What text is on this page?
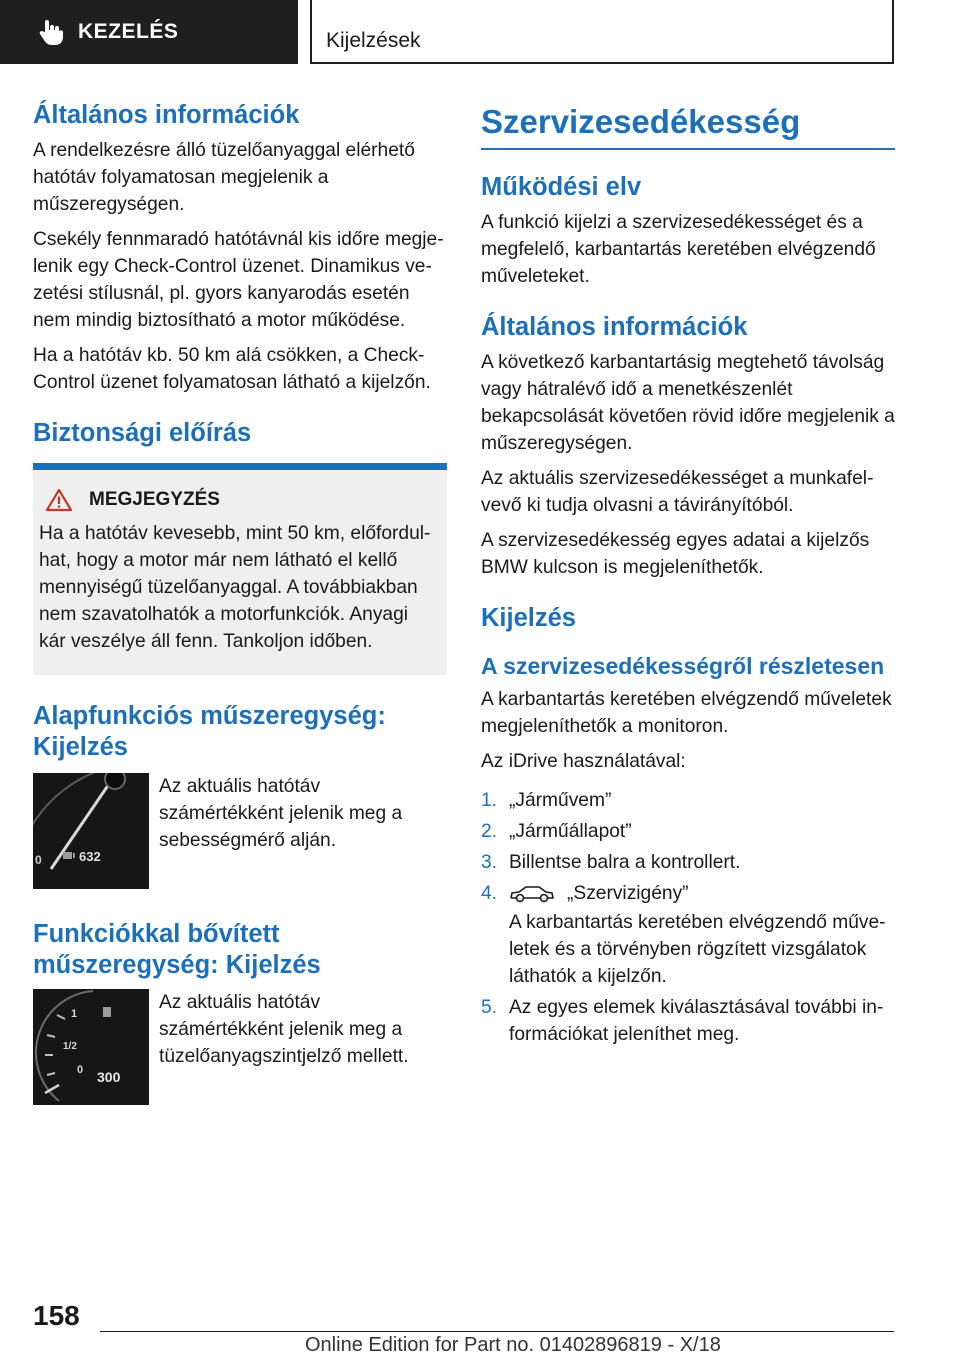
KEZELÉS	Kijelzések
Általános információk

A rendelkezésre álló tüzelőanyaggal elérhető hatótáv folyamatosan megjelenik a műszeregységen.

Csekély fennmaradó hatótávnál kis időre megjelenik egy Check-Control üzenet. Dinamikus vezetési stílusnál, pl. gyors kanyarodás esetén nem mindig biztosítható a motor működése.

Ha a hatótáv kb. 50 km alá csökken, a Check-Control üzenet folyamatosan látható a kijelzőn.

Biztonsági előírás
MEGJEGYZÉS

Ha a hatótáv kevesebb, mint 50 km, előfordulhat, hogy a motor már nem látható el kellő mennyiségű tüzelőanyaggal. A továbbiakban nem szavatolhatók a motorfunkciók. Anyagi kár veszélye áll fenn. Tankoljon időben.

Alapfunkciós műszeregység: Kijelzés
0	632

Az aktuális hatótáv számértékként jelenik meg a sebességmérő alján.

Funkciókkal bővített műszeregység: Kijelzés
1
1/2
0 300

Az aktuális hatótáv számértékként jelenik meg a tüzelőanyagszintjelző mellett.

Szervizesedékesség
Működési elv

A funkció kijelzi a szervizesedékességet és a megfelelő, karbantartás keretében elvégzendő műveleteket.

Általános információk

A következő karbantartásig megtehető távolság vagy hátralévő idő a menetkészenlét bekapcsolását követően rövid időre megjelenik a műszeregységen.

Az aktuális szervizesedékességet a munkafelvevő ki tudja olvasni a távirányítóból.

A szervizesedékesség egyes adatai a kijelzős BMW kulcson is megjeleníthetők.

Kijelzés
A szervizesedékességről részletesen

A karbantartás keretében elvégzendő műveletek megjeleníthetők a monitoron.

Az iDrive használatával:

1. „Járművem”
2. „Járműállapot”
3. Billentse balra a kontrollert.
4.	„Szervizigény”
A karbantartás keretében elvégzendő műveletek és a törvényben rögzített vizsgálatok láthatók a kijelzőn.
5. Az egyes elemek kiválasztásával további információkat jeleníthet meg.
158
Online Edition for Part no. 01402896819 - X/18
